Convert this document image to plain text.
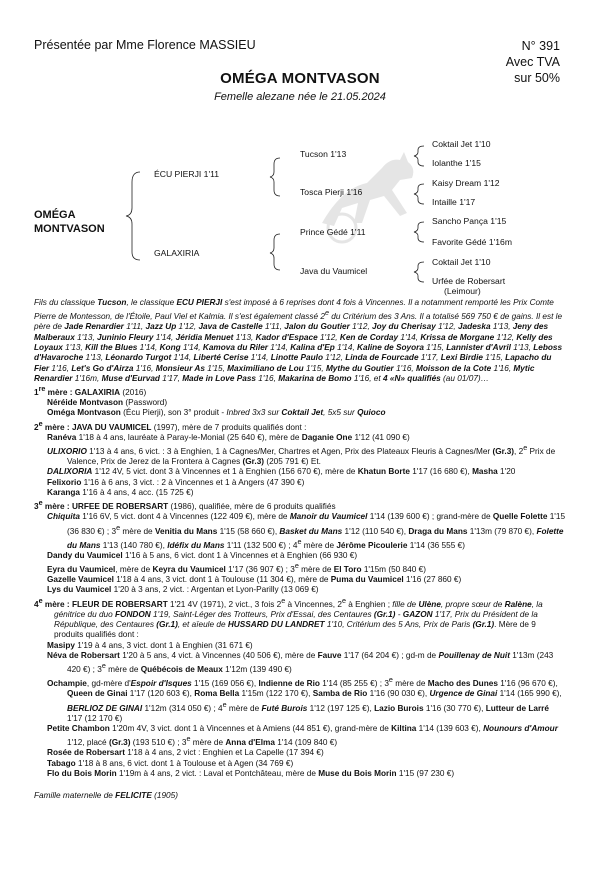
Présentée par Mme Florence MASSIEU	N° 391
Avec TVA
sur 50%
OMÉGA MONTVASON
Femelle alezane née le 21.05.2024
OMÉGA
MONTVASON
ÉCU PIERJI 1'11
GALAXIRIA
Tucson 1'13
Tosca Pierji 1'16
Prince Gédé 1'11
Java du Vaumicel
Coktail Jet 1'10
Iolanthe 1'15
Kaisy Dream 1'12
Intaille 1'17
Sancho Pança 1'15
Favorite Gédé 1'16m
Coktail Jet 1'10
Urfée de Robersart
(Leimour)

Fils du classique Tucson, le classique ECU PIERJI s'est imposé à 6 reprises dont 4 fois à Vincennes. Il a notamment remporté les Prix Comte Pierre de Montesson, de l'Étoile, Paul Viel et Kalmia. Il s'est également classé 2e du Critérium des 3 Ans. Il a totalisé 569 750 € de gains. Il est le père de Jade Renardier 1'11, Jazz Up 1'12, Java de Castelle 1'11, Jalon du Goutier 1'12, Joy du Cherisay 1'12, Jadeska 1'13, Jeny des Malberaux 1'13, Juninio Fleury 1'14, Jéridia Menuet 1'13, Kador d'Espace 1'12, Ken de Corday 1'14, Krissa de Morgane 1'12, Kelly des Loyaux 1'13, Kill the Blues 1'14, Kong 1'14, Kamova du Riler 1'14, Kalina d'Ep 1'14, Kaline de Soyora 1'15, Lannister d'Avril 1'13, Leboss d'Havaroche 1'13, Léonardo Turgot 1'14, Liberté Cerise 1'14, Linotte Paulo 1'12, Linda de Fourcade 1'17, Lexi Birdie 1'15, Lapacho du Fier 1'16, Let's Go d'Airza 1'16, Monsieur As 1'15, Maximiliano de Lou 1'15, Mythe du Goutier 1'16, Moisson de la Cote 1'16, Mytic Renardier 1'16m, Muse d'Eurvad 1'17, Made in Love Pass 1'16, Makarina de Bomo 1'16, et 4 «N» qualifiés (au 01/07)…

1re mère : GALAXIRIA (2016)

Néréide Montvason (Password)

Oméga Montvason (Écu Pierji), son 3° produit - Inbred 3x3 sur Coktail Jet, 5x5 sur Quioco

2e mère : JAVA DU VAUMICEL (1997), mère de 7 produits qualifiés dont :

Ranéva 1'18 à 4 ans, lauréate à Paray-le-Monial (25 640 €), mère de Daganie One 1'12 (41 090 €)

ULIXORIO 1'13 à 4 ans, 6 vict. : 3 à Enghien, 1 à Cagnes/Mer, Chartres et Agen, Prix des Plateaux Fleuris à Cagnes/Mer (Gr.3), 2e Prix de Valence, Prix de Jerez de la Frontera à Cagnes (Gr.3) (205 791 €) Et.

DALIXORIA 1'12 4V, 5 vict. dont 3 à Vincennes et 1 à Enghien (156 670 €), mère de Khatun Borte 1'17 (16 680 €), Masha 1'20

Felixorio 1'16 à 6 ans, 3 vict. : 2 à Vincennes et 1 à Angers (47 390 €)

Karanga 1'16 à 4 ans, 4 acc. (15 725 €)

3e mère : URFEE DE ROBERSART (1986), qualifiée, mère de 6 produits qualifiés

Chiquita 1'16 6V, 5 vict. dont 4 à Vincennes (122 409 €), mère de Manoir du Vaumicel 1'14 (139 600 €) ; grand-mère de Quelle Folette 1'15 (36 830 €) ; 3e mère de Venitia du Mans 1'15 (58 660 €), Basket du Mans 1'12 (110 540 €), Draga du Mans 1'13m (79 870 €), Folette du Mans 1'13 (140 780 €), Idéfix du Mans 1'11 (132 500 €) ; 4e mère de Jérôme Picoulerie 1'14 (36 555 €)

Dandy du Vaumicel 1'16 à 5 ans, 6 vict. dont 1 à Vincennes et à Enghien (66 930 €)

Eyra du Vaumicel, mère de Keyra du Vaumicel 1'17 (36 907 €) ; 3e mère de El Toro 1'15m (50 840 €)

Gazelle Vaumicel 1'18 à 4 ans, 3 vict. dont 1 à Toulouse (11 304 €), mère de Puma du Vaumicel 1'16 (27 860 €)

Lys du Vaumicel 1'20 à 3 ans, 2 vict. : Argentan et Lyon-Parilly (13 069 €)

4e mère : FLEUR DE ROBERSART 1'21 4V (1971), 2 vict., 3 fois 2e à Vincennes, 2e à Enghien ; fille de Ulène, propre sœur de Ralène, la génitrice du duo FONDON 1'19, Saint-Léger des Trotteurs, Prix d'Essai, des Centaures (Gr.1) - GAZON 1'17, Prix du Président de la République, des Centaures (Gr.1), et aïeule de HUSSARD DU LANDRET 1'10, Critérium des 5 Ans, Prix de Paris (Gr.1). Mère de 9 produits qualifiés dont :

Masipy 1'19 à 4 ans, 3 vict. dont 1 à Enghien (31 671 €)

Néva de Robersart 1'20 à 5 ans, 4 vict. à Vincennes (40 506 €), mère de Fauve 1'17 (64 204 €) ; gd-m de Pouillenay de Nuit 1'13m (243 420 €) ; 3e mère de Québécois de Meaux 1'12m (139 490 €)

Ochampie, gd-mère d'Espoir d'Isques 1'15 (169 056 €), Indienne de Rio 1'14 (85 255 €) ; 3e mère de Macho des Dunes 1'16 (96 670 €), Queen de Ginai 1'17 (120 603 €), Roma Bella 1'15m (122 170 €), Samba de Rio 1'16 (90 030 €), Urgence de Ginai 1'14 (165 990 €), BERLIOZ DE GINAI 1'12m (314 050 €) ; 4e mère de Futé Burois 1'12 (197 125 €), Lazio Burois 1'16 (30 770 €), Lutteur de Larré 1'17 (12 170 €)

Petite Chambon 1'20m 4V, 3 vict. dont 1 à Vincennes et à Amiens (44 851 €), grand-mère de Kiltina 1'14 (139 603 €), Nounours d'Amour 1'12, placé (Gr.3) (193 510 €) ; 3e mère de Anna d'Elma 1'14 (109 840 €)

Rosée de Robersart 1'18 à 4 ans, 2 vict : Enghien et La Capelle (17 394 €)

Tabago 1'18 à 8 ans, 6 vict. dont 1 à Toulouse et à Agen (34 769 €)

Flo du Bois Morin 1'19m à 4 ans, 2 vict. : Laval et Pontchâteau, mère de Muse du Bois Morin 1'15 (97 230 €)

Famille maternelle de FELICITE (1905)
